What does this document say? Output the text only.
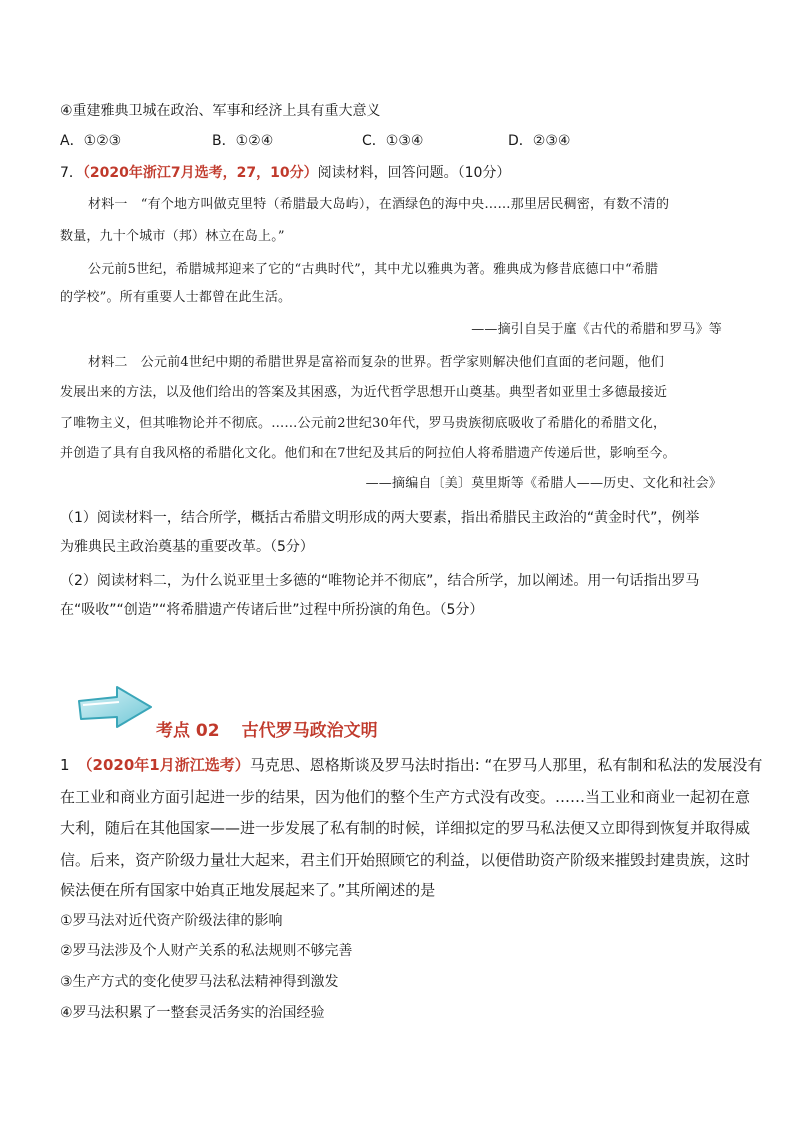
④重建雅典卫城在政治、军事和经济上具有重大意义
A．①②③	B．①②④	C．①③④	D．②③④
7．（2020年浙江7月选考，27，10分）阅读材料，回答问题。（10分）
材料一　“有个地方叫做克里特（希腊最大岛屿），在酒绿色的海中央……那里居民稠密，有数不清的
数量，九十个城市（邦）林立在岛上。”
公元前5世纪，希腊城邦迎来了它的“古典时代”，其中尤以雅典为著。雅典成为修昔底德口中“希腊
的学校”。所有重要人士都曾在此生活。
——摘引自吴于廑《古代的希腊和罗马》等
材料二　公元前4世纪中期的希腊世界是富裕而复杂的世界。哲学家则解决他们直面的老问题，他们
发展出来的方法，以及他们给出的答案及其困惑，为近代哲学思想开山奠基。典型者如亚里士多德最接近
了唯物主义，但其唯物论并不彻底。……公元前2世纪30年代，罗马贵族彻底吸收了希腊化的希腊文化，
并创造了具有自我风格的希腊化文化。他们和在7世纪及其后的阿拉伯人将希腊遗产传递后世，影响至今。
——摘编自〔美〕莫里斯等《希腊人——历史、文化和社会》
（1）阅读材料一，结合所学，概括古希腊文明形成的两大要素，指出希腊民主政治的“黄金时代”，例举
为雅典民主政治奠基的重要改革。（5分）
（2）阅读材料二，为什么说亚里士多德的“唯物论并不彻底”，结合所学，加以阐述。用一句话指出罗马
在“吸收”“创造”“将希腊遗产传诸后世”过程中所扮演的角色。（5分）
考点 02 古代罗马政治文明
1 （2020年1月浙江选考）马克思、恩格斯谈及罗马法时指出: “在罗马人那里，私有制和私法的发展没有
在工业和商业方面引起进一步的结果，因为他们的整个生产方式没有改变。……当工业和商业一起初在意
大利，随后在其他国家——进一步发展了私有制的时候，详细拟定的罗马私法便又立即得到恢复并取得威
信。后来，资产阶级力量壮大起来，君主们开始照顾它的利益，以便借助资产阶级来摧毁封建贵族，这时
候法便在所有国家中始真正地发展起来了。”其所阐述的是
①罗马法对近代资产阶级法律的影响
②罗马法涉及个人财产关系的私法规则不够完善
③生产方式的变化使罗马法私法精神得到激发
④罗马法积累了一整套灵活务实的治国经验
